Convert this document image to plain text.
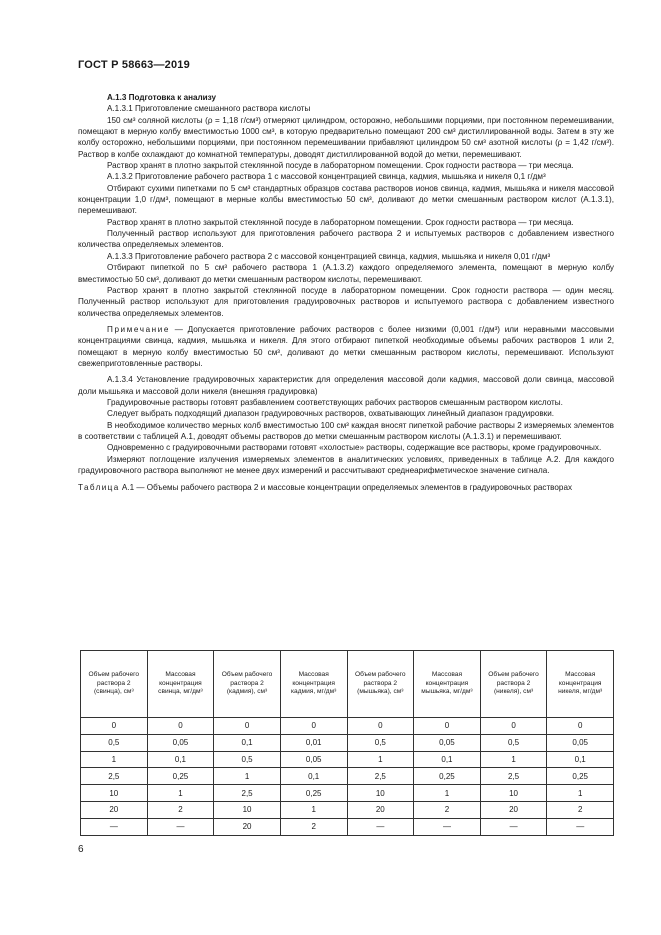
ГОСТ Р 58663—2019

А.1.3 Подготовка к анализу

А.1.3.1 Приготовление смешанного раствора кислоты

150 см³ соляной кислоты (ρ = 1,18 г/см³) отмеряют цилиндром, осторожно, небольшими порциями, при постоянном перемешивании, помещают в мерную колбу вместимостью 1000 см³, в которую предварительно помещают 200 см³ дистиллированной воды. Затем в эту же колбу осторожно, небольшими порциями, при постоянном перемешивании прибавляют цилиндром 50 см³ азотной кислоты (ρ = 1,42 г/см³). Раствор в колбе охлаждают до комнатной температуры, доводят дистиллированной водой до метки, перемешивают.

Раствор хранят в плотно закрытой стеклянной посуде в лабораторном помещении. Срок годности раствора — три месяца.

А.1.3.2 Приготовление рабочего раствора 1 с массовой концентрацией свинца, кадмия, мышьяка и никеля 0,1 г/дм³

Отбирают сухими пипетками по 5 см³ стандартных образцов состава растворов ионов свинца, кадмия, мышьяка и никеля массовой концентрации 1,0 г/дм³, помещают в мерные колбы вместимостью 50 см³, доливают до метки смешанным раствором кислот (А.1.3.1), перемешивают.

Раствор хранят в плотно закрытой стеклянной посуде в лабораторном помещении. Срок годности раствора — три месяца.

Полученный раствор используют для приготовления рабочего раствора 2 и испытуемых растворов с добавлением известного количества определяемых элементов.

А.1.3.3 Приготовление рабочего раствора 2 с массовой концентрацией свинца, кадмия, мышьяка и никеля 0,01 г/дм³

Отбирают пипеткой по 5 см³ рабочего раствора 1 (А.1.3.2) каждого определяемого элемента, помещают в мерную колбу вместимостью 50 см³, доливают до метки смешанным раствором кислоты, перемешивают.

Раствор хранят в плотно закрытой стеклянной посуде в лабораторном помещении. Срок годности раствора — один месяц. Полученный раствор используют для приготовления градуировочных растворов и испытуемого раствора с добавлением известного количества определяемых элементов.

Примечание — Допускается приготовление рабочих растворов с более низкими (0,001 г/дм³) или неравными массовыми концентрациями свинца, кадмия, мышьяка и никеля. Для этого отбирают пипеткой необходимые объемы рабочих растворов 1 или 2, помещают в мерную колбу вместимостью 50 см³, доливают до метки смешанным раствором кислоты, перемешивают. Используют свежеприготовленные растворы.

А.1.3.4 Установление градуировочных характеристик для определения массовой доли кадмия, массовой доли свинца, массовой доли мышьяка и массовой доли никеля (внешняя градуировка)

Градуировочные растворы готовят разбавлением соответствующих рабочих растворов смешанным раствором кислоты.

Следует выбрать подходящий диапазон градуировочных растворов, охватывающих линейный диапазон градуировки.

В необходимое количество мерных колб вместимостью 100 см³ каждая вносят пипеткой рабочие растворы 2 измеряемых элементов в соответствии с таблицей А.1, доводят объемы растворов до метки смешанным раствором кислоты (А.1.3.1) и перемешивают.

Одновременно с градуировочными растворами готовят «холостые» растворы, содержащие все растворы, кроме градуировочных.

Измеряют поглощение излучения измеряемых элементов в аналитических условиях, приведенных в таблице А.2. Для каждого градуировочного раствора выполняют не менее двух измерений и рассчитывают среднеарифметическое значение сигнала.

Таблица А.1 — Объемы рабочего раствора 2 и массовые концентрации определяемых элементов в градуировочных растворах

Объем рабочего раствора 2 (свинца), см³	Массовая концентрация свинца, мг/дм³	Объем рабочего раствора 2 (кадмия), см³	Массовая концентрация кадмия, мг/дм³	Объем рабочего раствора 2 (мышьяка), см³	Массовая концентрация мышьяка, мг/дм³	Объем рабочего раствора 2 (никеля), см³	Массовая концентрация никеля, мг/дм³
0	0	0	0	0	0	0	0
0,5	0,05	0,1	0,01	0,5	0,05	0,5	0,05
1	0,1	0,5	0,05	1	0,1	1	0,1
2,5	0,25	1	0,1	2,5	0,25	2,5	0,25
10	1	2,5	0,25	10	1	10	1
20	2	10	1	20	2	20	2
—	—	20	2	—	—	—	—
6
